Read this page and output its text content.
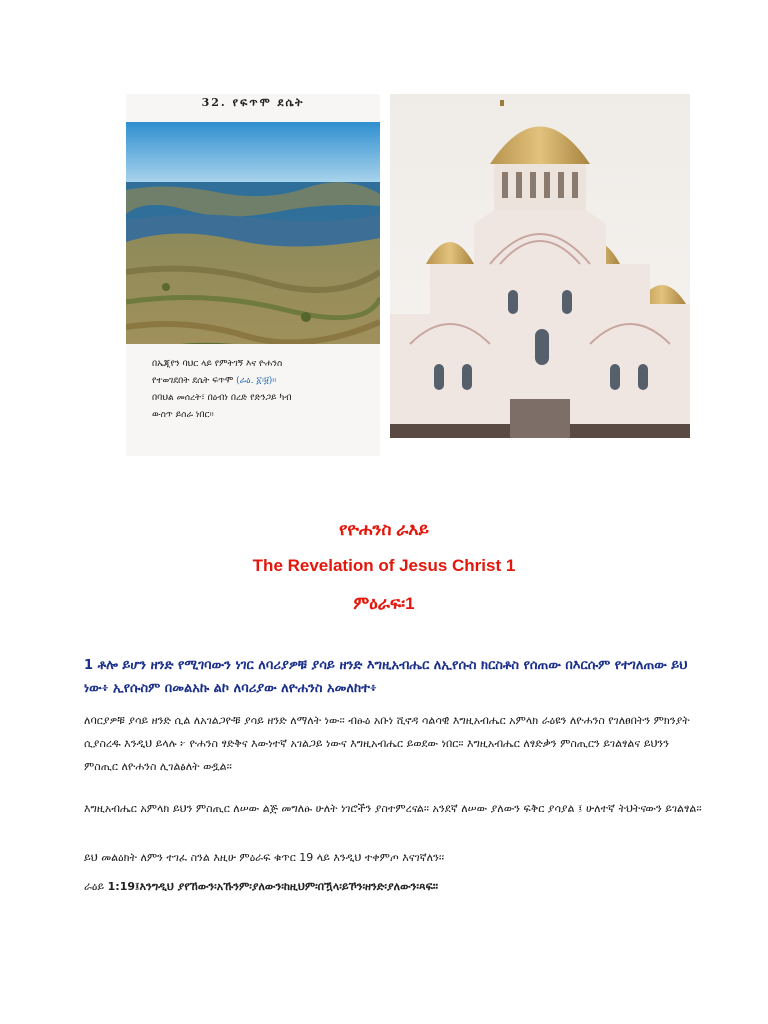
32. የፍጥሞ ደሴት

በኤጂየን ባህር ላይ የምትገኝ እና ዮሐንስ

የተወገደበት ደሴት ፍጥሞ (ራዕ. ፩፡፱)፡፡

በባህል መሰረት፣ በዕብነ በረድ የድንጋይ ካብ

ውስጥ ይሰራ ነበር፡፡

የዮሐንስ ራእይ
The Revelation of Jesus Christ 1
ምዕራፍ፡1
1 ቶሎ ይሆን ዘንድ የሚገባውን ነገር ለባሪያዎቹ ያሳይ ዘንድ እግዚአብሔር ለኢየሱስ ክርስቶስ የሰጠው በእርሱም የተገለጠው ይህ ነው፥ ኢየሱስም በመልአኩ ልኮ ለባሪያው ለዮሐንስ አመለከተ፥
ለባርያዎቹ ያሳይ ዘንድ ሲል ለአገልጋዮቹ ያሳይ ዘንድ ለማለት ነው፡፡ ብፁዕ አቡነ ሺኖዳ ሳልሳዊ እግዚአብሔር አምላክ ራዕዩን ለዮሐንስ የገለፀበትን ምክንያት ሲያስረዱ እንዲህ ይላሉ ፦ ዮሐንስ ፃድቅና እውነተኛ አገልጋይ ነውና እግዚአብሔር ይወደው ነበር፡፡ እግዚአብሔር ለፃድቃን ምስጢርን ይገልፃልና ይህንን ምስጢር ለዮሐንስ ሊገልፅለት ወዷል፡፡
እግዚአብሔር አምላክ ይህን ምስጢር ለሠው ልጅ መግለፁ ሁለት ነገሮችን ያስተምረናል፡፡ አንደኛ ለሠው ያለውን ፍቅር ያሳያል ፤ ሁለተኛ ትህትናውን ይገልፃል፡፡
ይህ መልዕክት ለምን ተገፈ ስንል እዚሁ ምዕራፍ ቁጥር 19 ላይ እንዲህ ተቀምጦ እናገኛለን፡፡
ራዕይ 1:19፤እንግዲህ ያየኸውን፡አኹንም፡ያለውን፡ከዚህም፡በዃላ፡ይኾን፡ዘንድ፡ያለውን፡ጻፍ።
